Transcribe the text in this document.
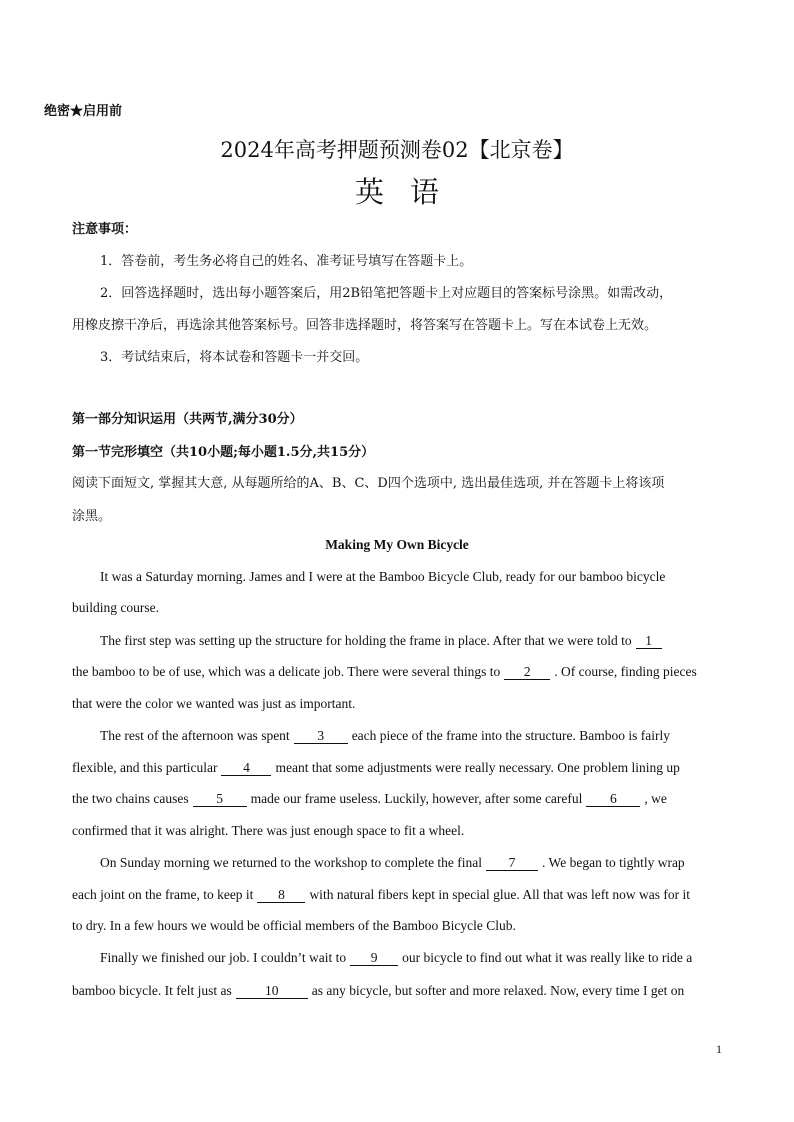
绝密★启用前

2024年高考押题预测卷02【北京卷】

英语

注意事项：

1．答卷前，考生务必将自己的姓名、准考证号填写在答题卡上。

2．回答选择题时，选出每小题答案后，用2B铅笔把答题卡上对应题目的答案标号涂黑。如需改动，

用橡皮擦干净后，再选涂其他答案标号。回答非选择题时，将答案写在答题卡上。写在本试卷上无效。

3．考试结束后，将本试卷和答题卡一并交回。

第一部分知识运用（共两节,满分30分）

第一节完形填空（共10小题;每小题1.5分,共15分）

阅读下面短文, 掌握其大意, 从每题所给的A、B、C、D四个选项中, 选出最佳选项, 并在答题卡上将该项

涂黑。

Making My Own Bicycle

It was a Saturday morning. James and I were at the Bamboo Bicycle Club, ready for our bamboo bicycle

building course.

The first step was setting up the structure for holding the frame in place. After that we were told to 1

the bamboo to be of use, which was a delicate job. There were several things to 2 . Of course, finding pieces

that were the color we wanted was just as important.

The rest of the afternoon was spent 3 each piece of the frame into the structure. Bamboo is fairly

flexible, and this particular 4 meant that some adjustments were really necessary. One problem lining up

the two chains causes 5 made our frame useless. Luckily, however, after some careful 6 , we

confirmed that it was alright. There was just enough space to fit a wheel.

On Sunday morning we returned to the workshop to complete the final 7 . We began to tightly wrap

each joint on the frame, to keep it 8 with natural fibers kept in special glue. All that was left now was for it

to dry. In a few hours we would be official members of the Bamboo Bicycle Club.

Finally we finished our job. I couldn’t wait to 9 our bicycle to find out what it was really like to ride a

bamboo bicycle. It felt just as 10 as any bicycle, but softer and more relaxed. Now, every time I get on

1
